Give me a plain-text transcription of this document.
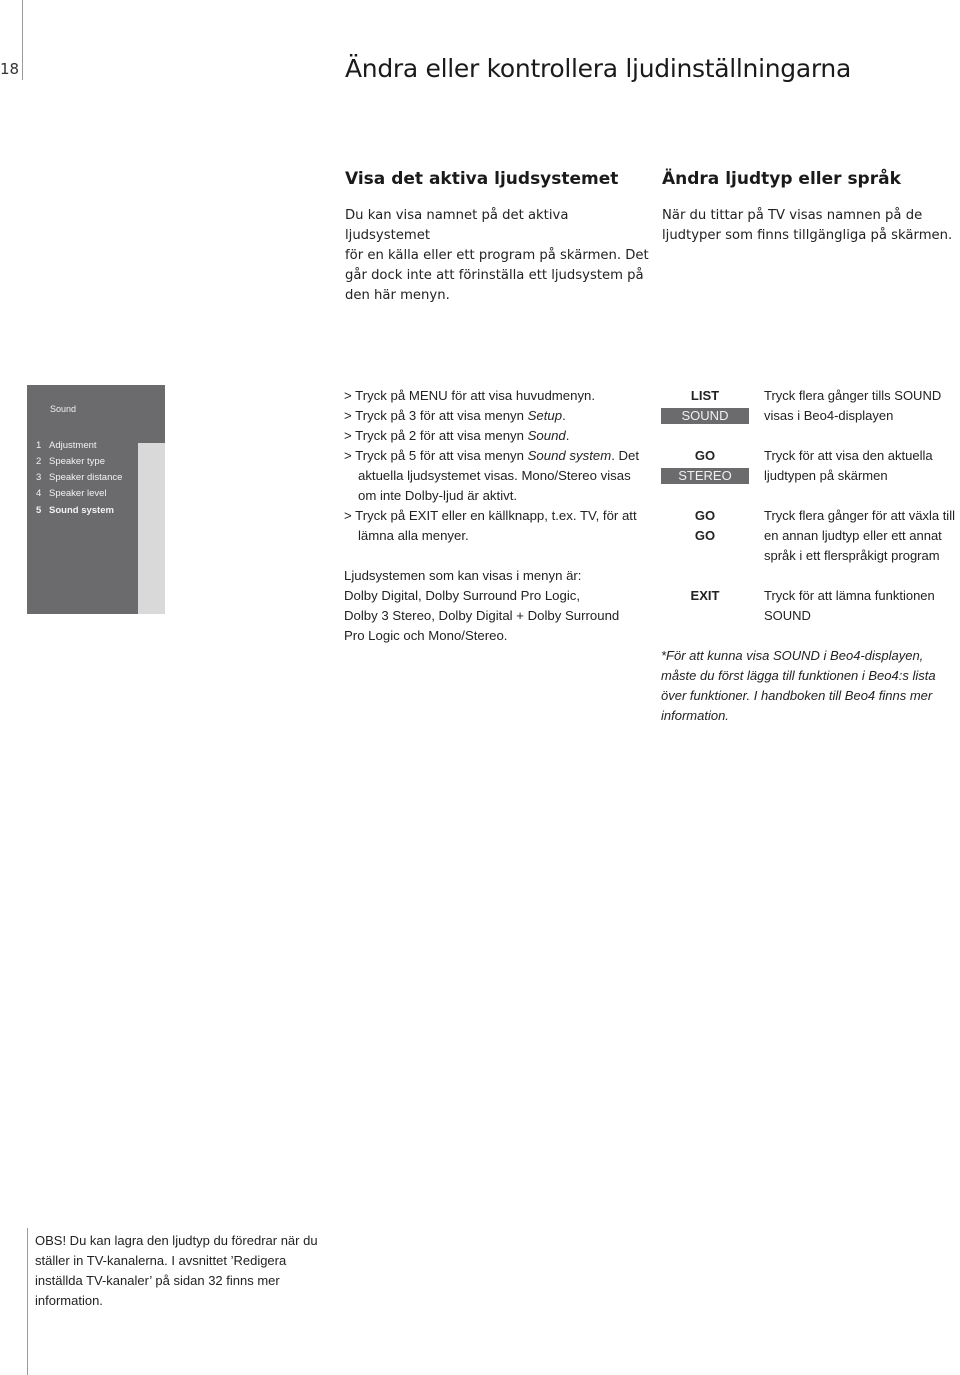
18	Ändra eller kontrollera ljudinställningarna
Visa det aktiva ljudsystemet
Du kan visa namnet på det aktiva ljudsystemet
för en källa eller ett program på skärmen. Det
går dock inte att förinställa ett ljudsystem på
den här menyn.
Ändra ljudtyp eller språk
När du tittar på TV visas namnen på de
ljudtyper som finns tillgängliga på skärmen.
Sound
1 Adjustment
2 Speaker type
3 Speaker distance
4 Speaker level
5 Sound system
> Tryck på MENU för att visa huvudmenyn.
> Tryck på 3 för att visa menyn Setup.
> Tryck på 2 för att visa menyn Sound.
> Tryck på 5 för att visa menyn Sound system. Det
aktuella ljudsystemet visas. Mono/Stereo visas
om inte Dolby-ljud är aktivt.
> Tryck på EXIT eller en källknapp, t.ex. TV, för att
lämna alla menyer.
Ljudsystemen som kan visas i menyn är:
Dolby Digital, Dolby Surround Pro Logic,
Dolby 3 Stereo, Dolby Digital + Dolby Surround
Pro Logic och Mono/Stereo.
LIST
SOUND
Tryck flera gånger tills SOUND
visas i Beo4-displayen
GO
STEREO
Tryck för att visa den aktuella
ljudtypen på skärmen
GO
GO
Tryck flera gånger för att växla till
en annan ljudtyp eller ett annat
språk i ett flerspråkigt program
EXIT	Tryck för att lämna funktionen
SOUND
*För att kunna visa SOUND i Beo4-displayen,
måste du först lägga till funktionen i Beo4:s lista
över funktioner. I handboken till Beo4 finns mer
information.
OBS! Du kan lagra den ljudtyp du föredrar när du
ställer in TV-kanalerna. I avsnittet ’Redigera
inställda TV-kanaler’ på sidan 32 finns mer
information.
